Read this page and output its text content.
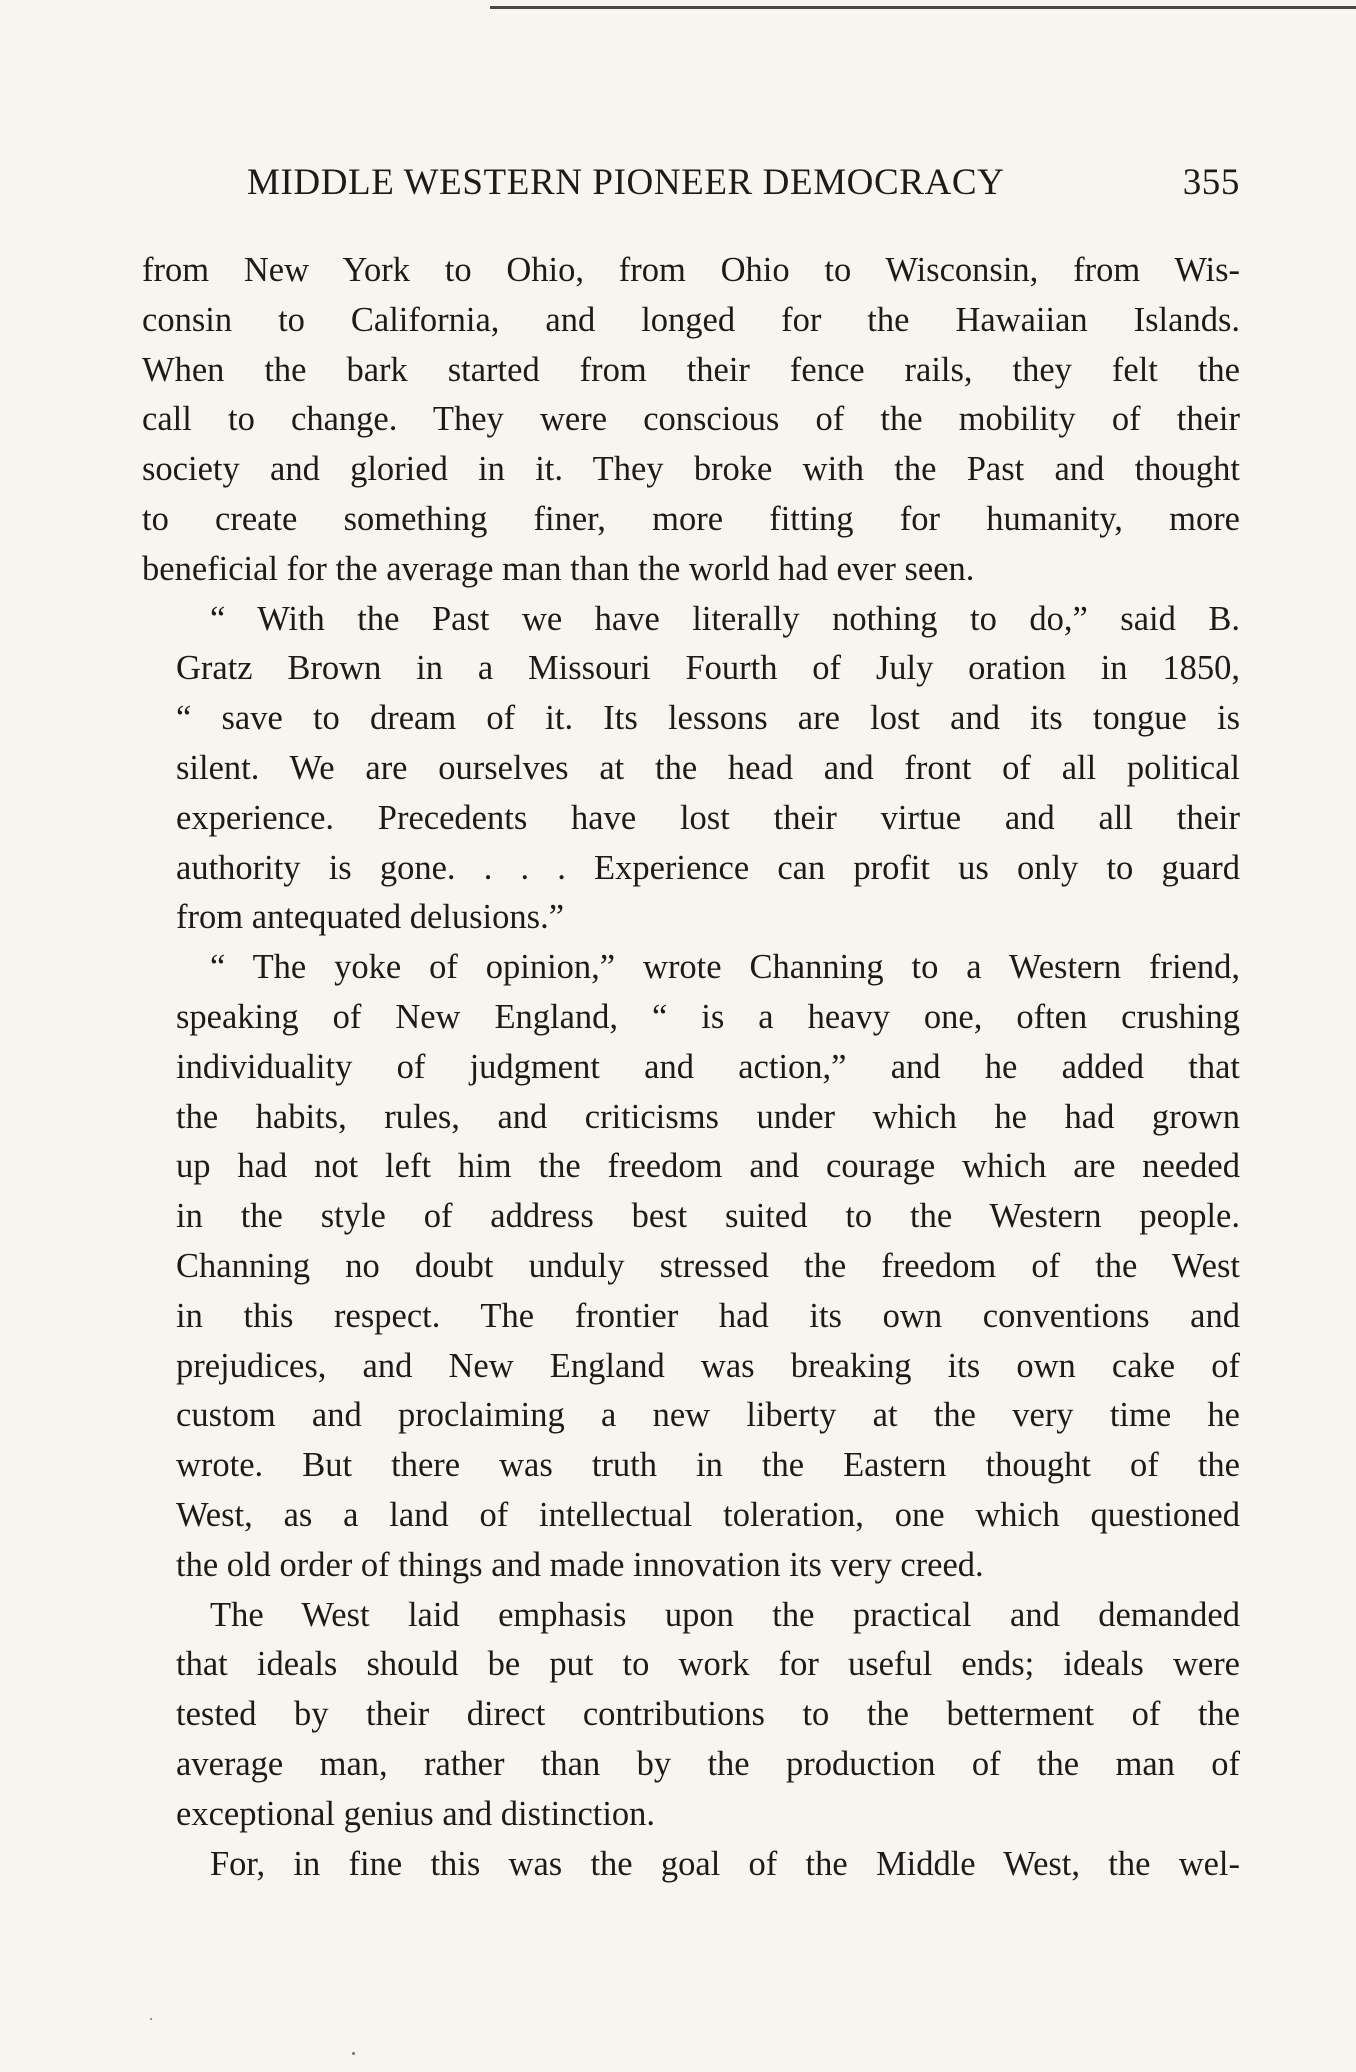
MIDDLE WESTERN PIONEER DEMOCRACY	355

from New York to Ohio, from Ohio to Wisconsin, from Wis-
consin to California, and longed for the Hawaiian Islands.
When the bark started from their fence rails, they felt the
call to change. They were conscious of the mobility of their
society and gloried in it. They broke with the Past and thought
to create something finer, more fitting for humanity, more
beneficial for the average man than the world had ever seen.

“ With the Past we have literally nothing to do,” said B.
Gratz Brown in a Missouri Fourth of July oration in 1850,
“ save to dream of it. Its lessons are lost and its tongue is
silent. We are ourselves at the head and front of all political
experience. Precedents have lost their virtue and all their
authority is gone. . . . Experience can profit us only to guard
from antequated delusions.”

“ The yoke of opinion,” wrote Channing to a Western friend,
speaking of New England, “ is a heavy one, often crushing
individuality of judgment and action,” and he added that
the habits, rules, and criticisms under which he had grown
up had not left him the freedom and courage which are needed
in the style of address best suited to the Western people.
Channing no doubt unduly stressed the freedom of the West
in this respect. The frontier had its own conventions and
prejudices, and New England was breaking its own cake of
custom and proclaiming a new liberty at the very time he
wrote. But there was truth in the Eastern thought of the
West, as a land of intellectual toleration, one which questioned
the old order of things and made innovation its very creed.

The West laid emphasis upon the practical and demanded
that ideals should be put to work for useful ends; ideals were
tested by their direct contributions to the betterment of the
average man, rather than by the production of the man of
exceptional genius and distinction.

For, in fine this was the goal of the Middle West, the wel-
